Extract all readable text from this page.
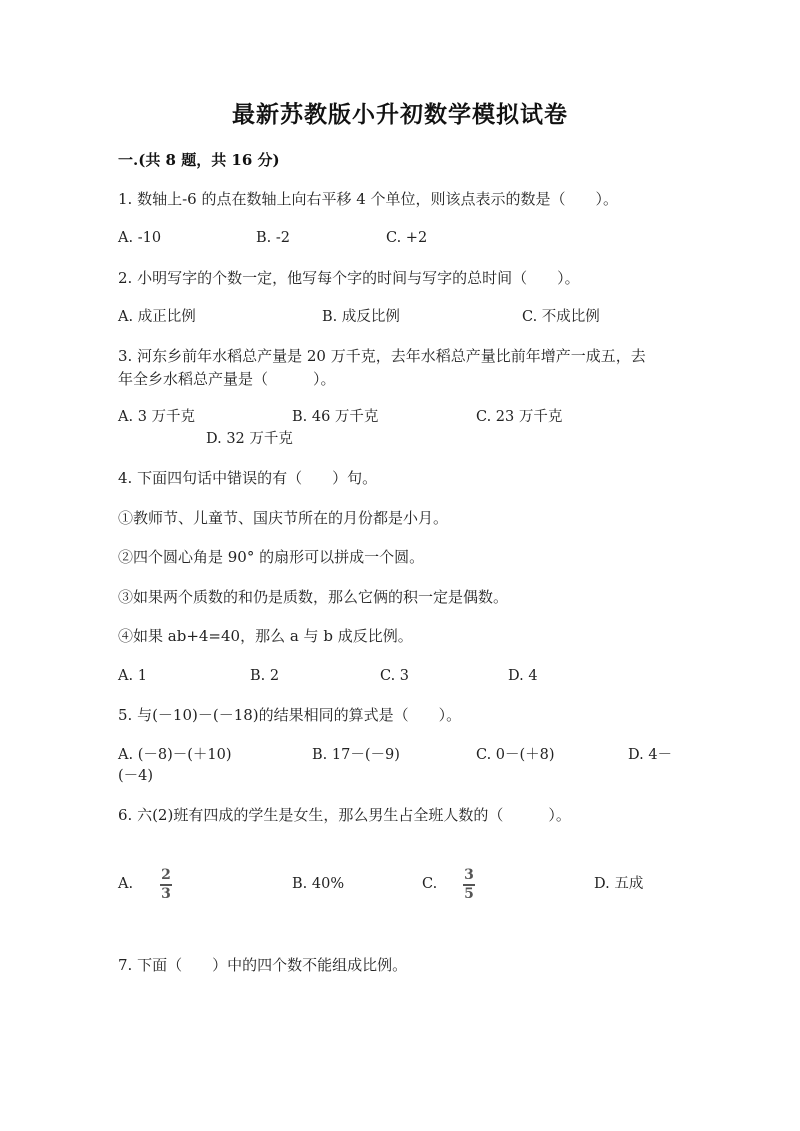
最新苏教版小升初数学模拟试卷
一.(共 8 题，共 16 分)
1. 数轴上-6 的点在数轴上向右平移 4 个单位，则该点表示的数是（　　）。
A. -10	B. -2	C. +2
2. 小明写字的个数一定，他写每个字的时间与写字的总时间（　　）。
A. 成正比例	B. 成反比例	C. 不成比例
3. 河东乡前年水稻总产量是 20 万千克，去年水稻总产量比前年增产一成五，去
年全乡水稻总产量是（　　　）。
A. 3 万千克	B. 46 万千克	C. 23 万千克
D. 32 万千克
4. 下面四句话中错误的有（　　）句。
①教师节、儿童节、国庆节所在的月份都是小月。
②四个圆心角是 90° 的扇形可以拼成一个圆。
③如果两个质数的和仍是质数，那么它俩的积一定是偶数。
④如果 ab+4=40，那么 a 与 b 成反比例。
A. 1	B. 2	C. 3	D. 4
5. 与(－10)－(－18)的结果相同的算式是（　　）。
A. (－8)－(＋10)	B. 17－(－9)	C. 0－(＋8)	D. 4－
(－4)
6. 六(2)班有四成的学生是女生，那么男生占全班人数的（　　　）。
A.
2
3
B. 40%	C.
3
5
D. 五成
7. 下面（　　）中的四个数不能组成比例。
